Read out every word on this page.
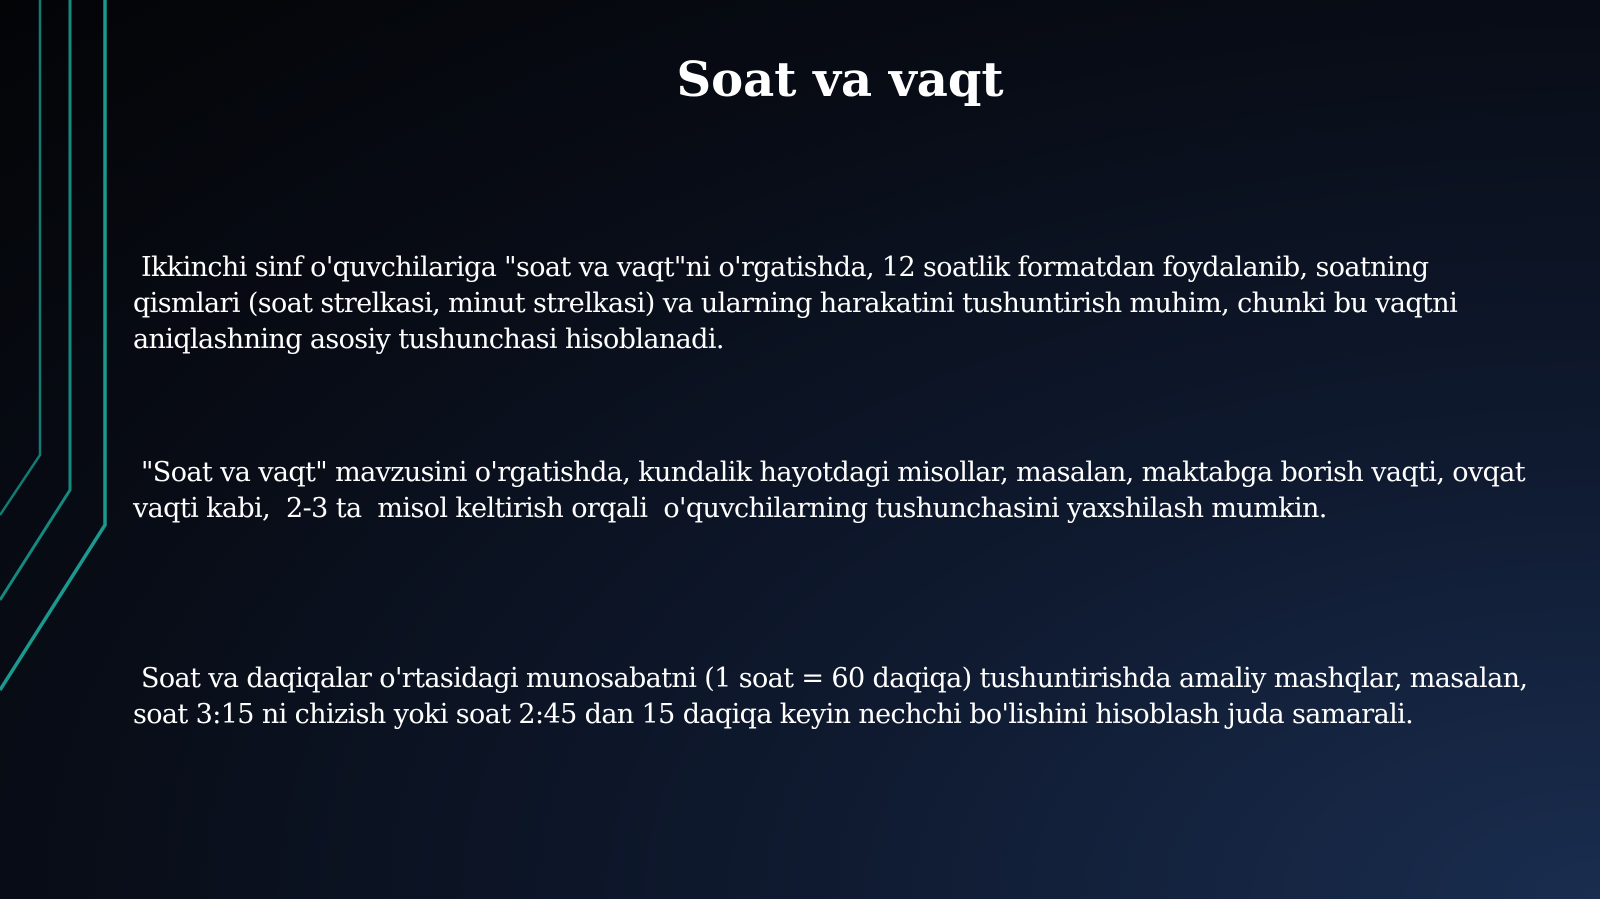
Soat va vaqt

Ikkinchi sinf o'quvchilariga "soat va vaqt"ni o'rgatishda, 12 soatlik formatdan foydalanib, soatning qismlari (soat strelkasi, minut strelkasi) va ularning harakatini tushuntirish muhim, chunki bu vaqtni aniqlashning asosiy tushunchasi hisoblanadi.

"Soat va vaqt" mavzusini o'rgatishda, kundalik hayotdagi misollar, masalan, maktabga borish vaqti, ovqat vaqti kabi,  2-3 ta  misol keltirish orqali  o'quvchilarning tushunchasini yaxshilash mumkin.

Soat va daqiqalar o'rtasidagi munosabatni (1 soat = 60 daqiqa) tushuntirishda amaliy mashqlar, masalan, soat 3:15 ni chizish yoki soat 2:45 dan 15 daqiqa keyin nechchi bo'lishini hisoblash juda samarali.
